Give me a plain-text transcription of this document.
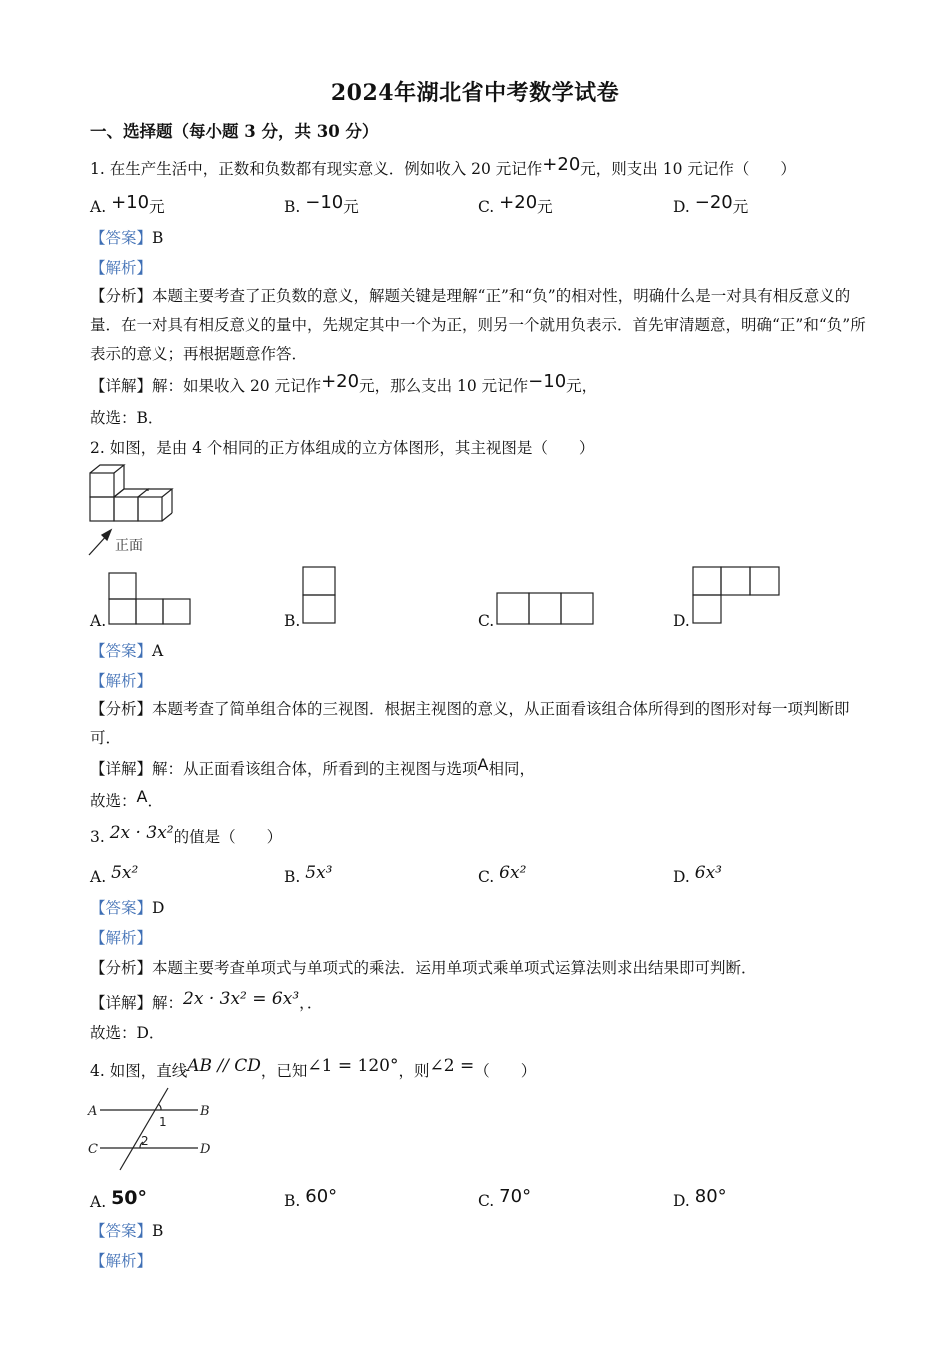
2024年湖北省中考数学试卷
一、选择题（每小题 3 分，共 30 分）
1. 在生产生活中，正数和负数都有现实意义．例如收入 20 元记作+20元，则支出 10 元记作（　　）
A. +10元	B. −10元	C. +20元	D. −20元
【答案】B
【解析】
【分析】本题主要考查了正负数的意义，解题关键是理解“正”和“负”的相对性，明确什么是一对具有相反意义的量．在一对具有相反意义的量中，先规定其中一个为正，则另一个就用负表示．首先审清题意，明确“正”和“负”所表示的意义；再根据题意作答．
【详解】解：如果收入 20 元记作+20元，那么支出 10 元记作−10元，
故选：B．
2. 如图，是由 4 个相同的正方体组成的立方体图形，其主视图是（　　）
正面
A.	B.	C.	D.
【答案】A
【解析】
【分析】本题考查了简单组合体的三视图．根据主视图的意义，从正面看该组合体所得到的图形对每一项判断即可．
【详解】解：从正面看该组合体，所看到的主视图与选项A相同，
故选：A．
3. 2x · 3x²的值是（　　）
A. 5x²	B. 5x³	C. 6x²	D. 6x³
【答案】D
【解析】
【分析】本题主要考查单项式与单项式的乘法．运用单项式乘单项式运算法则求出结果即可判断．
【详解】解：2x · 3x² = 6x³，．
故选：D．
4. 如图，直线AB // CD，已知∠1 = 120°，则∠2 =（　　）
A	B
C	D
1
2
A. 50°	B. 60°	C. 70°	D. 80°
【答案】B
【解析】
